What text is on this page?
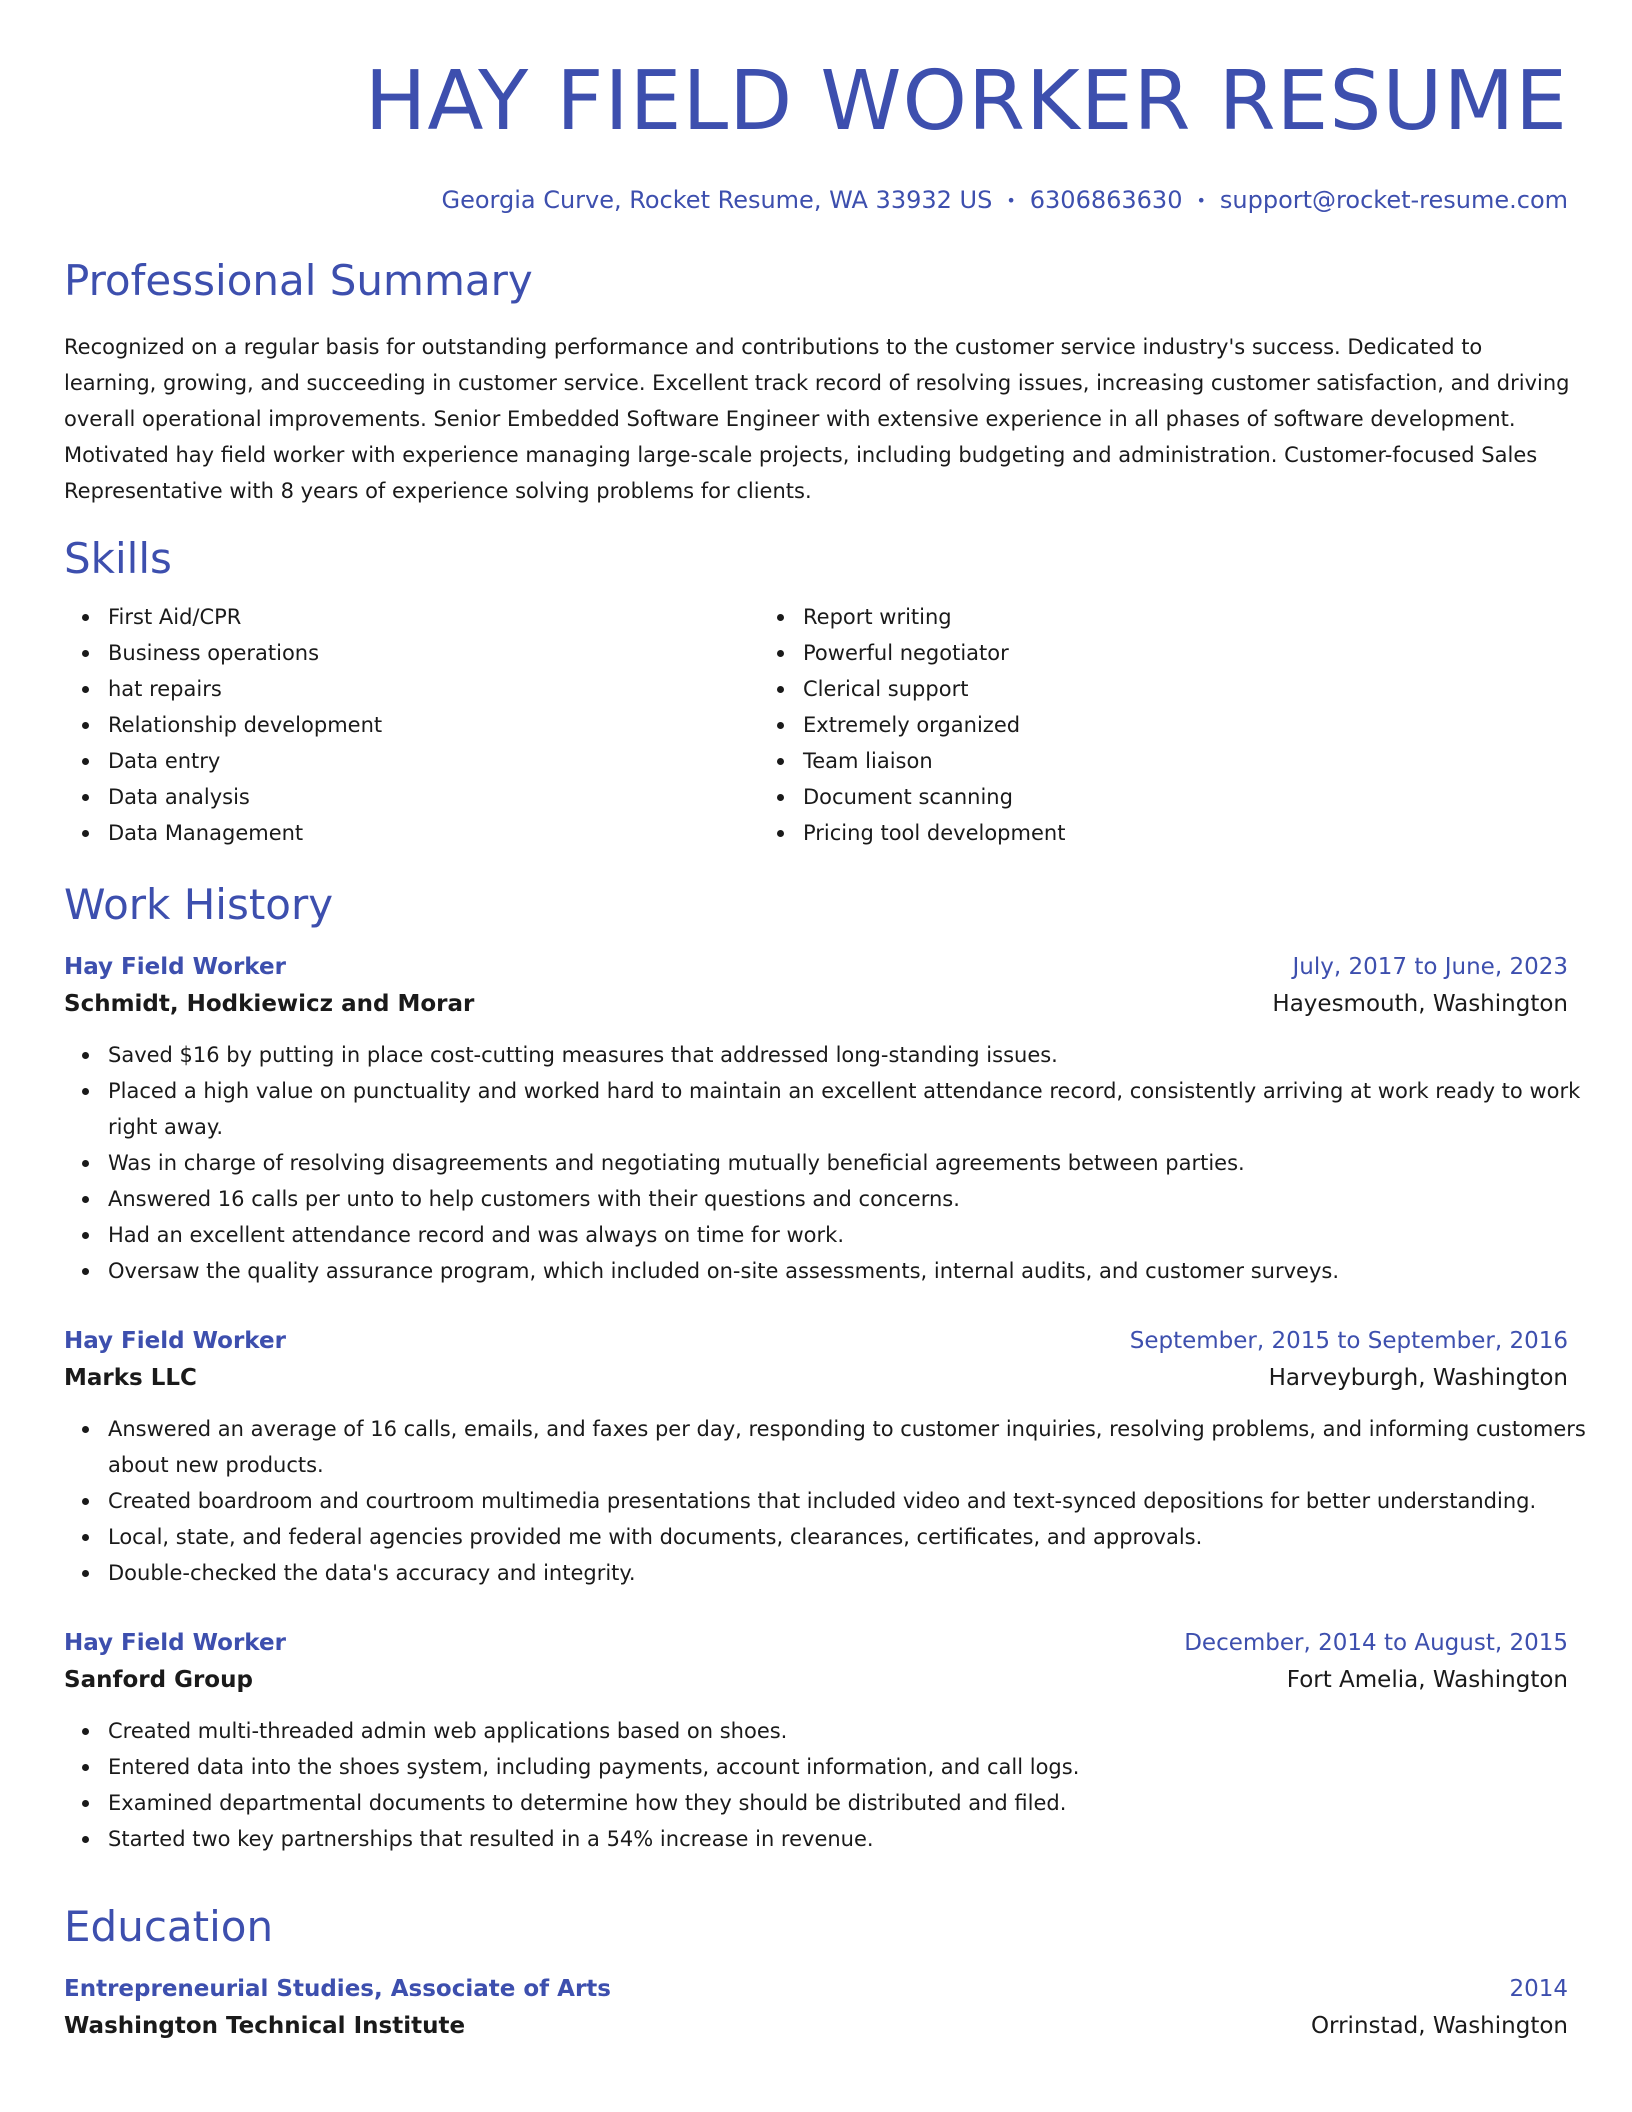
HAY FIELD WORKER RESUME
Georgia Curve, Rocket Resume, WA 33932 US • 6306863630 • support@rocket-resume.com
Professional Summary
Recognized on a regular basis for outstanding performance and contributions to the customer service industry's success. Dedicated to learning, growing, and succeeding in customer service. Excellent track record of resolving issues, increasing customer satisfaction, and driving overall operational improvements. Senior Embedded Software Engineer with extensive experience in all phases of software development. Motivated hay field worker with experience managing large-scale projects, including budgeting and administration. Customer-focused Sales Representative with 8 years of experience solving problems for clients.
Skills
First Aid/CPR
Business operations
hat repairs
Relationship development
Data entry
Data analysis
Data Management
Report writing
Powerful negotiator
Clerical support
Extremely organized
Team liaison
Document scanning
Pricing tool development
Work History
Hay Field Worker	July, 2017 to June, 2023
Schmidt, Hodkiewicz and Morar	Hayesmouth, Washington
Saved $16 by putting in place cost-cutting measures that addressed long-standing issues.
Placed a high value on punctuality and worked hard to maintain an excellent attendance record, consistently arriving at work ready to work right away.
Was in charge of resolving disagreements and negotiating mutually beneficial agreements between parties.
Answered 16 calls per unto to help customers with their questions and concerns.
Had an excellent attendance record and was always on time for work.
Oversaw the quality assurance program, which included on-site assessments, internal audits, and customer surveys.
Hay Field Worker	September, 2015 to September, 2016
Marks LLC	Harveyburgh, Washington
Answered an average of 16 calls, emails, and faxes per day, responding to customer inquiries, resolving problems, and informing customers about new products.
Created boardroom and courtroom multimedia presentations that included video and text-synced depositions for better understanding.
Local, state, and federal agencies provided me with documents, clearances, certificates, and approvals.
Double-checked the data's accuracy and integrity.
Hay Field Worker	December, 2014 to August, 2015
Sanford Group	Fort Amelia, Washington
Created multi-threaded admin web applications based on shoes.
Entered data into the shoes system, including payments, account information, and call logs.
Examined departmental documents to determine how they should be distributed and filed.
Started two key partnerships that resulted in a 54% increase in revenue.
Education
Entrepreneurial Studies, Associate of Arts	2014
Washington Technical Institute	Orrinstad, Washington
